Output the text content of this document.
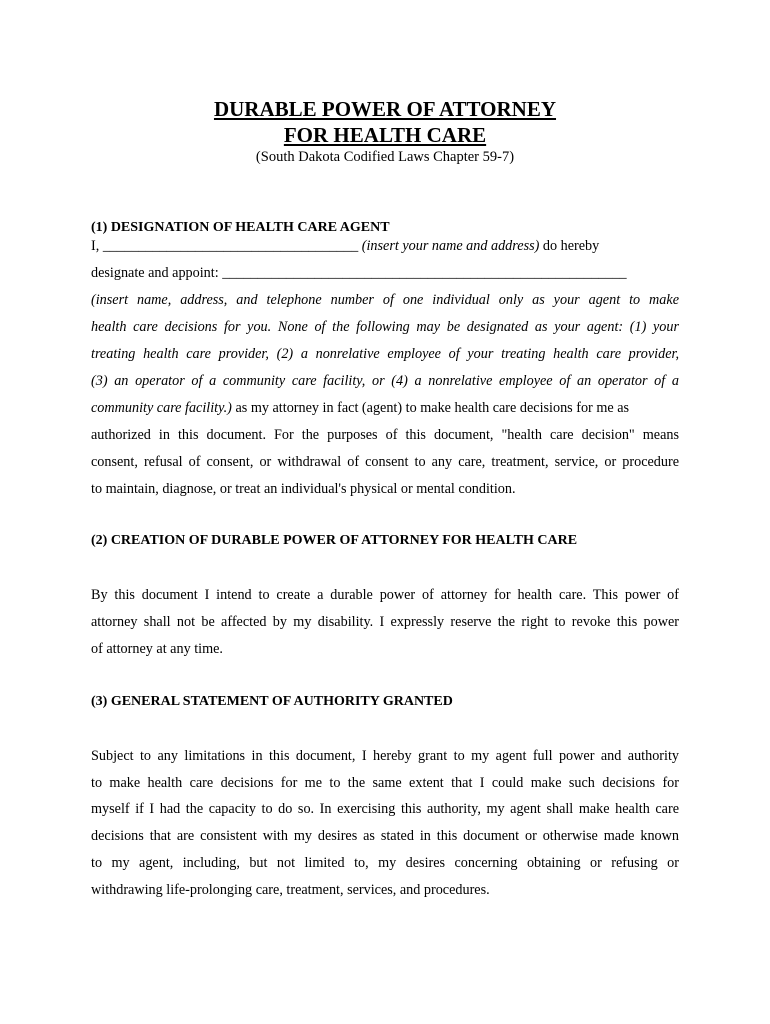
DURABLE POWER OF ATTORNEY
FOR HEALTH CARE
(South Dakota Codified Laws Chapter 59-7)
(1) DESIGNATION OF HEALTH CARE AGENT
I, ____________________________________ (insert your name and address) do hereby
designate and appoint: _________________________________________________________
(insert name, address, and telephone number of one individual only as your agent to make
health care decisions for you. None of the following may be designated as your agent: (1) your
treating health care provider, (2) a nonrelative employee of your treating health care provider,
(3) an operator of a community care facility, or (4) a nonrelative employee of an operator of a
community care facility.) as my attorney in fact (agent) to make health care decisions for me as
authorized in this document. For the purposes of this document, "health care decision" means
consent, refusal of consent, or withdrawal of consent to any care, treatment, service, or procedure
to maintain, diagnose, or treat an individual's physical or mental condition.
(2) CREATION OF DURABLE POWER OF ATTORNEY FOR HEALTH CARE
By this document I intend to create a durable power of attorney for health care. This power of
attorney shall not be affected by my disability. I expressly reserve the right to revoke this power
of attorney at any time.
(3) GENERAL STATEMENT OF AUTHORITY GRANTED
Subject to any limitations in this document, I hereby grant to my agent full power and authority
to make health care decisions for me to the same extent that I could make such decisions for
myself if I had the capacity to do so. In exercising this authority, my agent shall make health care
decisions that are consistent with my desires as stated in this document or otherwise made known
to my agent, including, but not limited to, my desires concerning obtaining or refusing or
withdrawing life-prolonging care, treatment, services, and procedures.
